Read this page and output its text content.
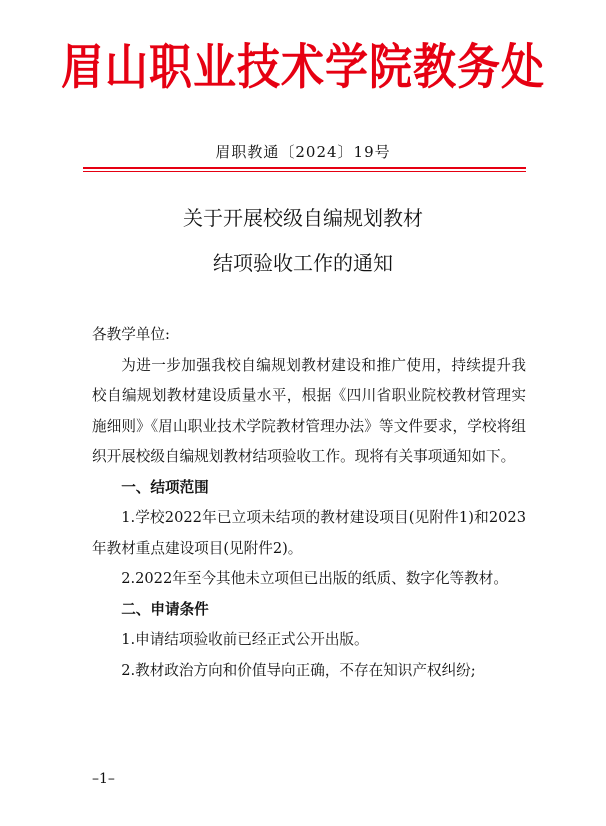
眉山职业技术学院教务处
眉职教通〔2024〕19号
关于开展校级自编规划教材
结项验收工作的通知

各教学单位:

为进一步加强我校自编规划教材建设和推广使用，持续提升我校自编规划教材建设质量水平，根据《四川省职业院校教材管理实施细则》《眉山职业技术学院教材管理办法》等文件要求，学校将组织开展校级自编规划教材结项验收工作。现将有关事项通知如下。

一、结项范围

1.学校2022年已立项未结项的教材建设项目(见附件1)和2023年教材重点建设项目(见附件2)。

2.2022年至今其他未立项但已出版的纸质、数字化等教材。

二、申请条件

1.申请结项验收前已经正式公开出版。

2.教材政治方向和价值导向正确，不存在知识产权纠纷;

–1–
